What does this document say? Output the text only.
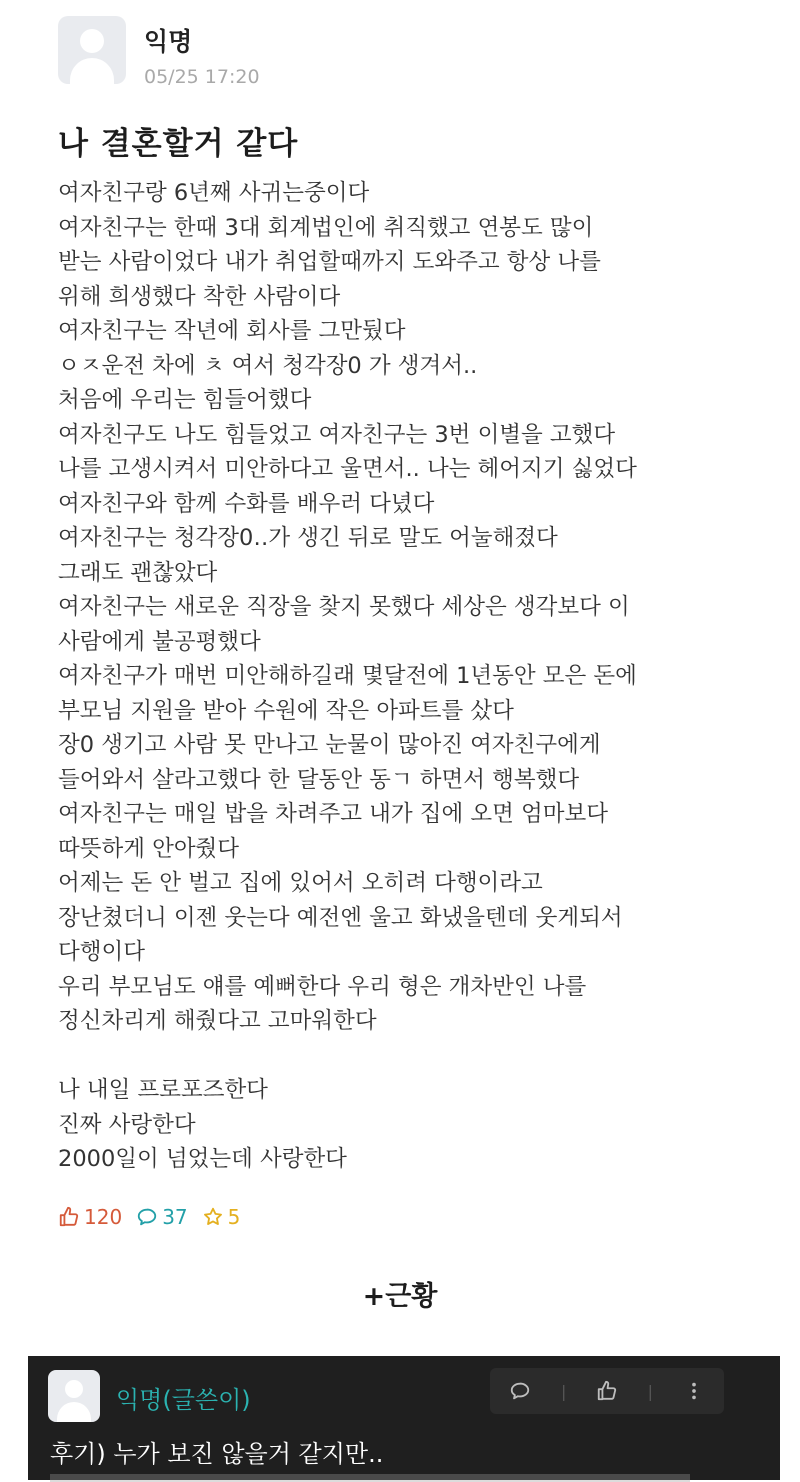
익명
05/25 17:20
나 결혼할거 같다
여자친구랑 6년째 사귀는중이다
여자친구는 한때 3대 회계법인에 취직했고 연봉도 많이
받는 사람이었다 내가 취업할때까지 도와주고 항상 나를
위해 희생했다 착한 사람이다
여자친구는 작년에 회사를 그만뒀다
ㅇㅈ운전 차에 ㅊ 여서 청각장0 가 생겨서..
처음에 우리는 힘들어했다
여자친구도 나도 힘들었고 여자친구는 3번 이별을 고했다
나를 고생시켜서 미안하다고 울면서.. 나는 헤어지기 싫었다
여자친구와 함께 수화를 배우러 다녔다
여자친구는 청각장0‥가 생긴 뒤로 말도 어눌해졌다
그래도 괜찮았다
여자친구는 새로운 직장을 찾지 못했다 세상은 생각보다 이
사람에게 불공평했다
여자친구가 매번 미안해하길래 몇달전에 1년동안 모은 돈에
부모님 지원을 받아 수원에 작은 아파트를 샀다
장0 생기고 사람 못 만나고 눈물이 많아진 여자친구에게
들어와서 살라고했다 한 달동안 동ㄱ 하면서 행복했다
여자친구는 매일 밥을 차려주고 내가 집에 오면 엄마보다
따뜻하게 안아줬다
어제는 돈 안 벌고 집에 있어서 오히려 다행이라고
장난쳤더니 이젠 웃는다 예전엔 울고 화냈을텐데 웃게되서
다행이다
우리 부모님도 얘를 예뻐한다 우리 형은 개차반인 나를
정신차리게 해줬다고 고마워한다
나 내일 프로포즈한다
진짜 사랑한다
2000일이 넘었는데 사랑한다
120 37 5
+근황
익명(글쓴이)	|	|
후기) 누가 보진 않을거 같지만..
